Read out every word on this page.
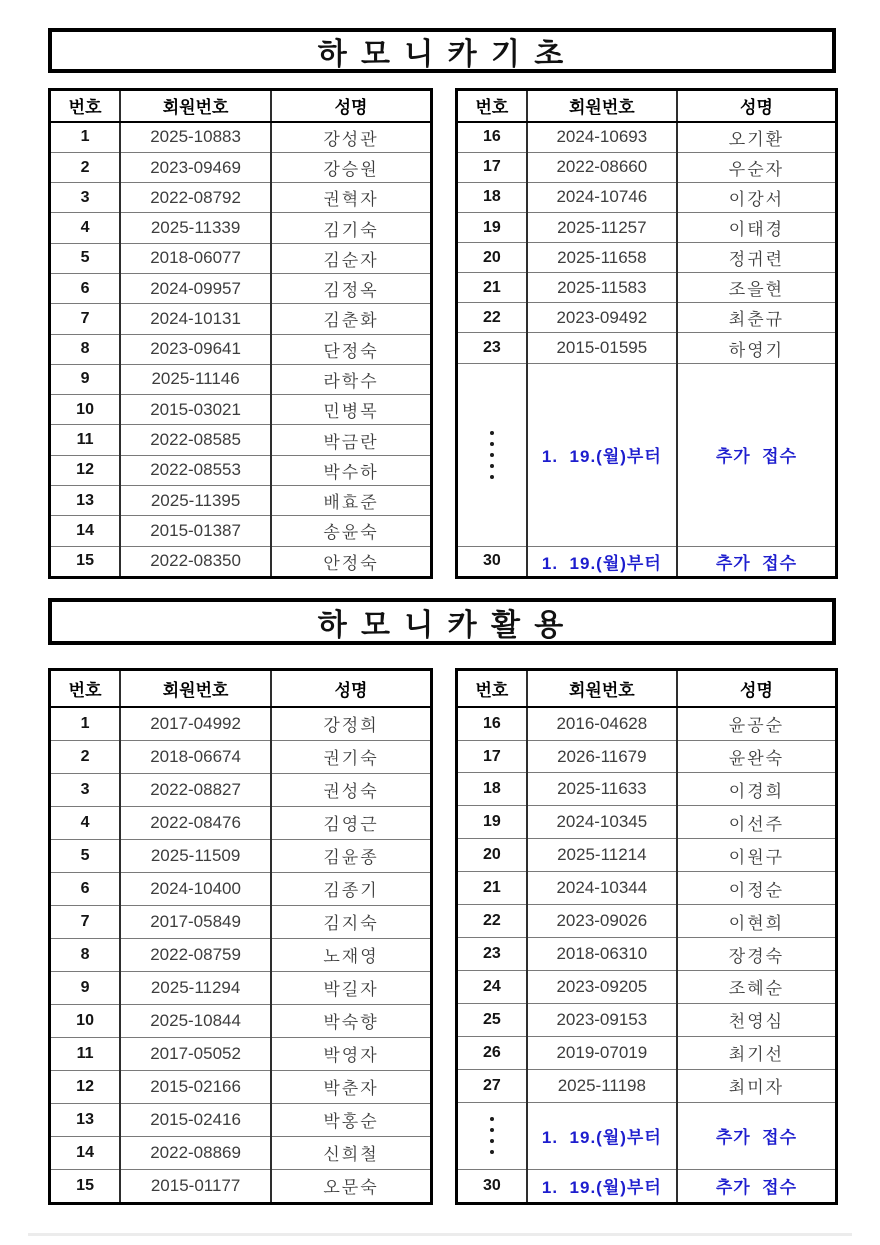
하 모 니 카 기 초
번호	회원번호	성명
1	2025-10883	강성관
2	2023-09469	강승원
3	2022-08792	권혁자
4	2025-11339	김기숙
5	2018-06077	김순자
6	2024-09957	김정옥
7	2024-10131	김춘화
8	2023-09641	단정숙
9	2025-11146	라학수
10	2015-03021	민병목
11	2022-08585	박금란
12	2022-08553	박수하
13	2025-11395	배효준
14	2015-01387	송윤숙
15	2022-08350	안정숙
번호	회원번호	성명
16	2024-10693	오기환
17	2022-08660	우순자
18	2024-10746	이강서
19	2025-11257	이태경
20	2025-11658	정귀련
21	2025-11583	조을현
22	2023-09492	최춘규
23	2015-01595	하영기

	1.  19.(월)부터	추가  접수
30	1.  19.(월)부터	추가  접수
하 모 니 카 활 용
번호	회원번호	성명
1	2017-04992	강정희
2	2018-06674	권기숙
3	2022-08827	권성숙
4	2022-08476	김영근
5	2025-11509	김윤종
6	2024-10400	김종기
7	2017-05849	김지숙
8	2022-08759	노재영
9	2025-11294	박길자
10	2025-10844	박숙향
11	2017-05052	박영자
12	2015-02166	박춘자
13	2015-02416	박홍순
14	2022-08869	신희철
15	2015-01177	오문숙
번호	회원번호	성명
16	2016-04628	윤공순
17	2026-11679	윤완숙
18	2025-11633	이경희
19	2024-10345	이선주
20	2025-11214	이원구
21	2024-10344	이정순
22	2023-09026	이현희
23	2018-06310	장경숙
24	2023-09205	조혜순
25	2023-09153	천영심
26	2019-07019	최기선
27	2025-11198	최미자

	1.  19.(월)부터	추가  접수
30	1.  19.(월)부터	추가  접수
